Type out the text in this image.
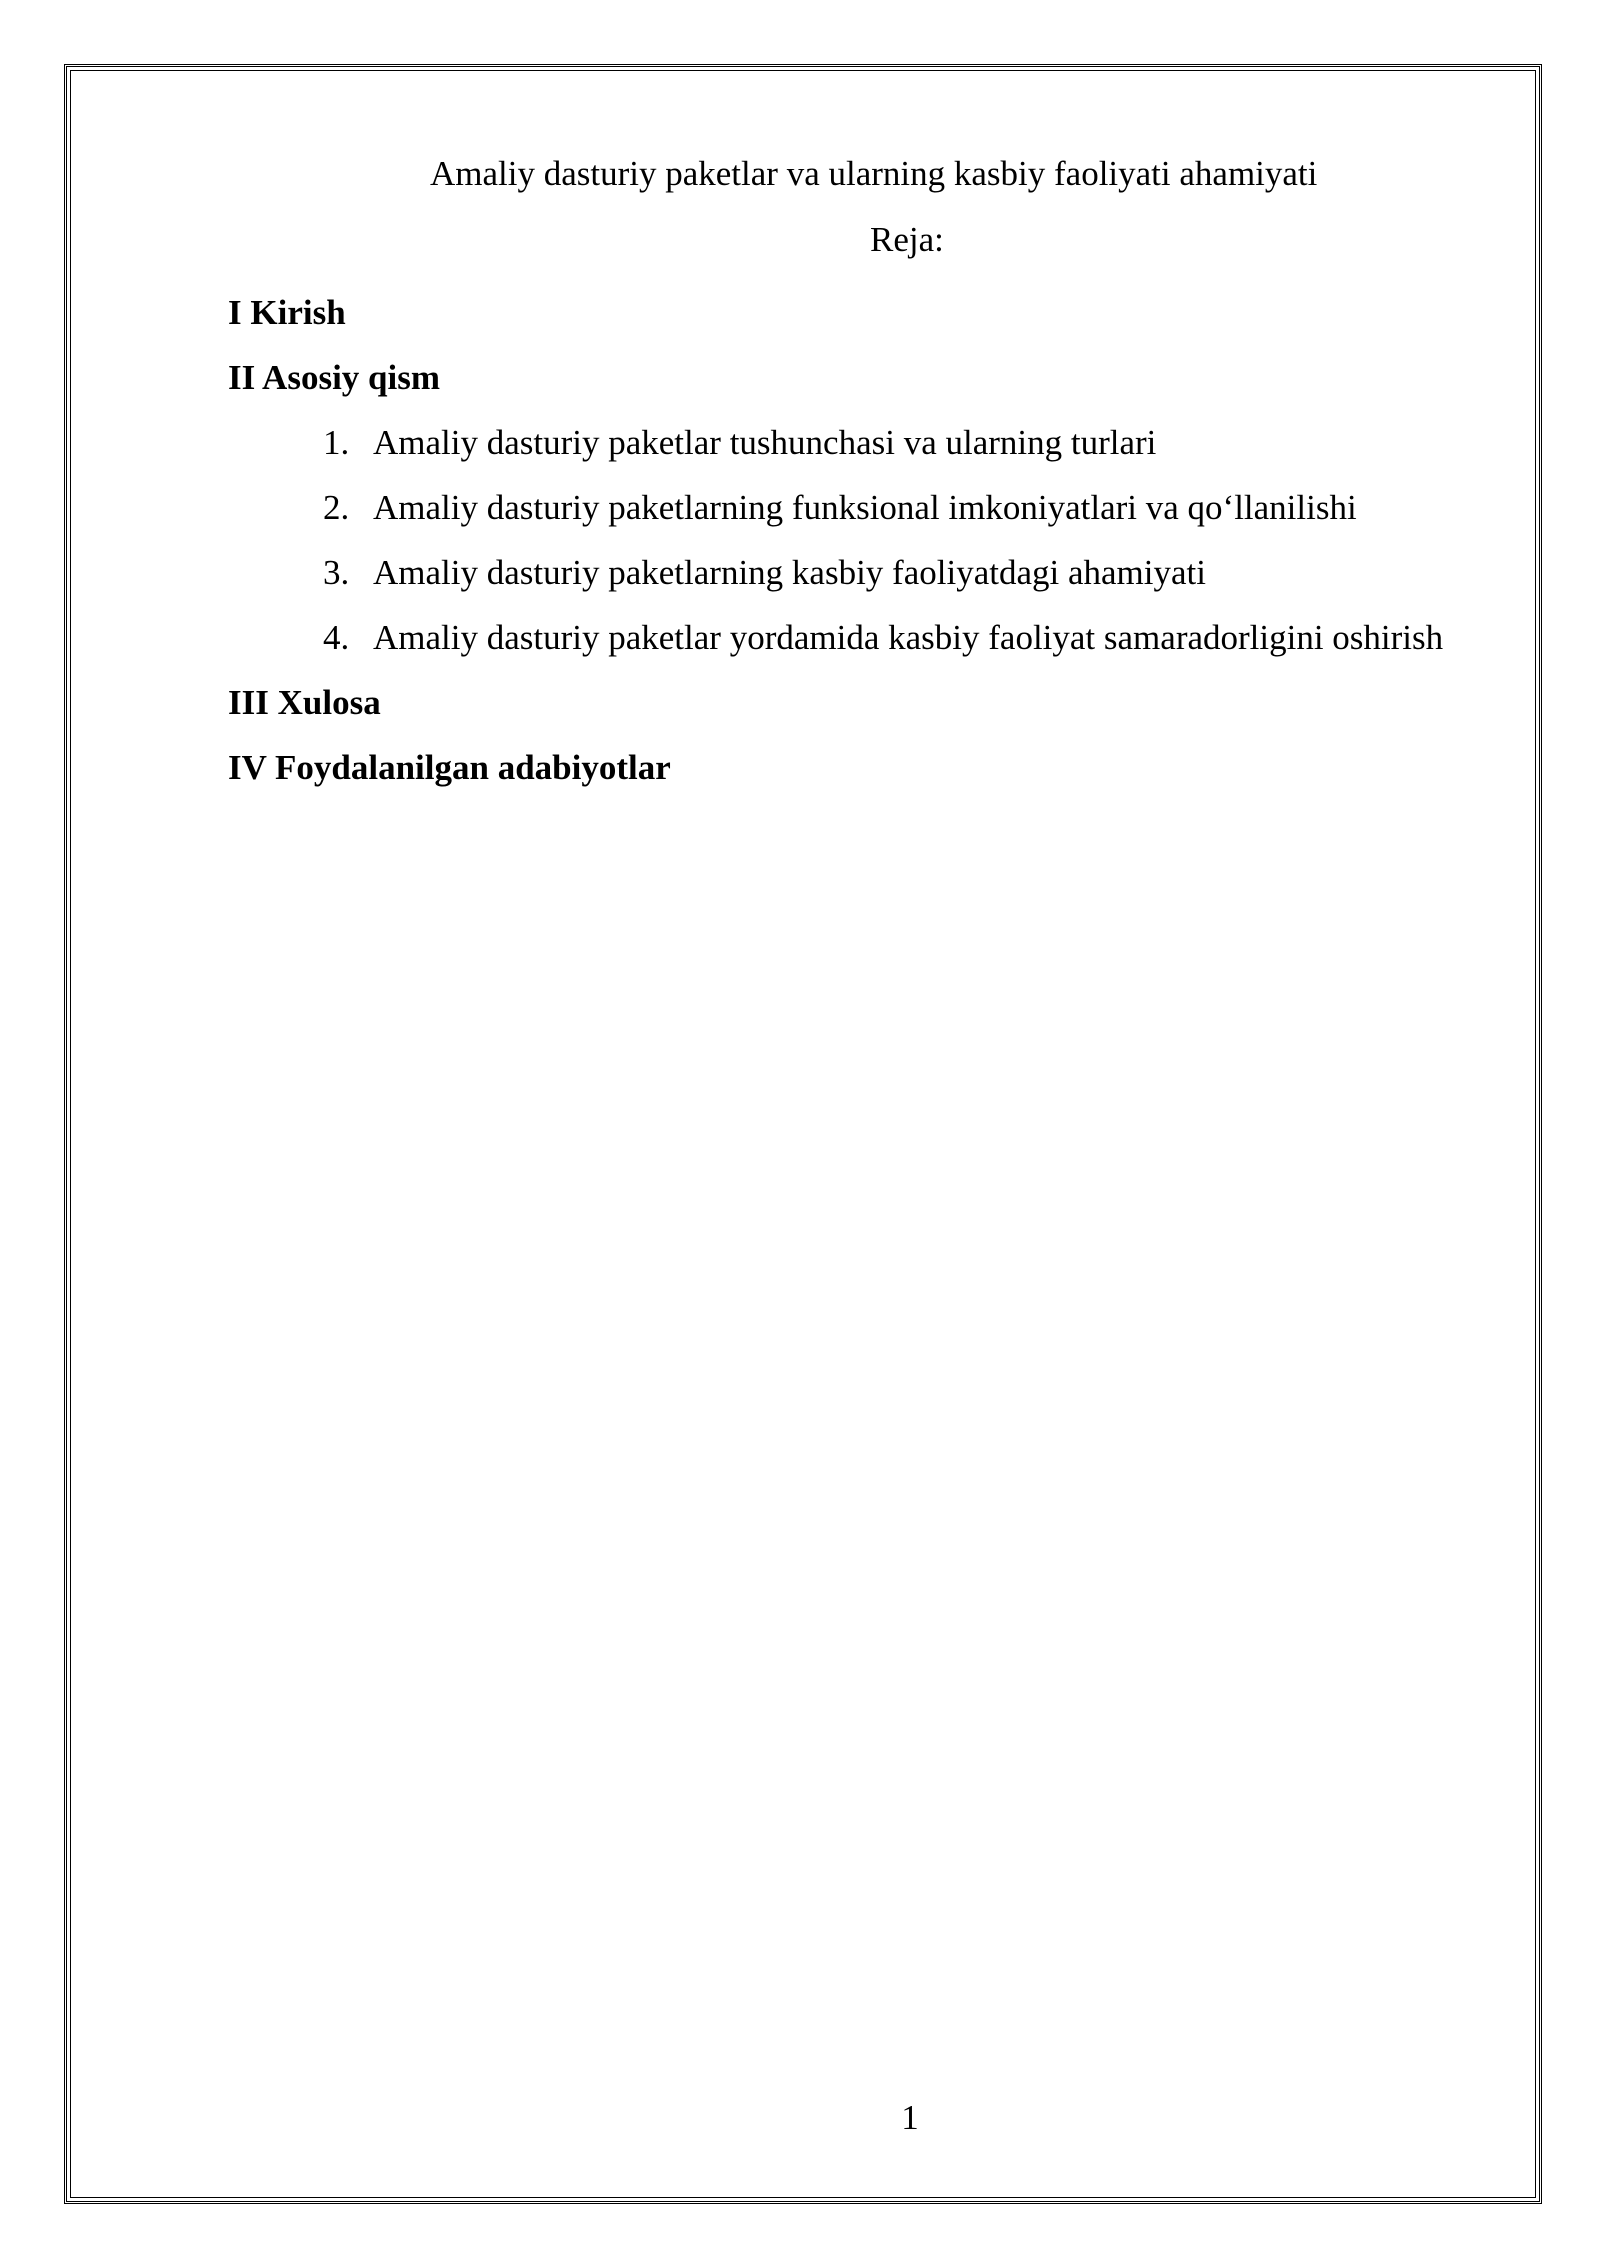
Amaliy dasturiy paketlar va ularning kasbiy faoliyati ahamiyati
Reja:
I Kirish
II Asosiy qism
1. Amaliy dasturiy paketlar tushunchasi va ularning turlari
2. Amaliy dasturiy paketlarning funksional imkoniyatlari va qo‘llanilishi
3. Amaliy dasturiy paketlarning kasbiy faoliyatdagi ahamiyati
4. Amaliy dasturiy paketlar yordamida kasbiy faoliyat samaradorligini oshirish
III Xulosa
IV Foydalanilgan adabiyotlar
1
